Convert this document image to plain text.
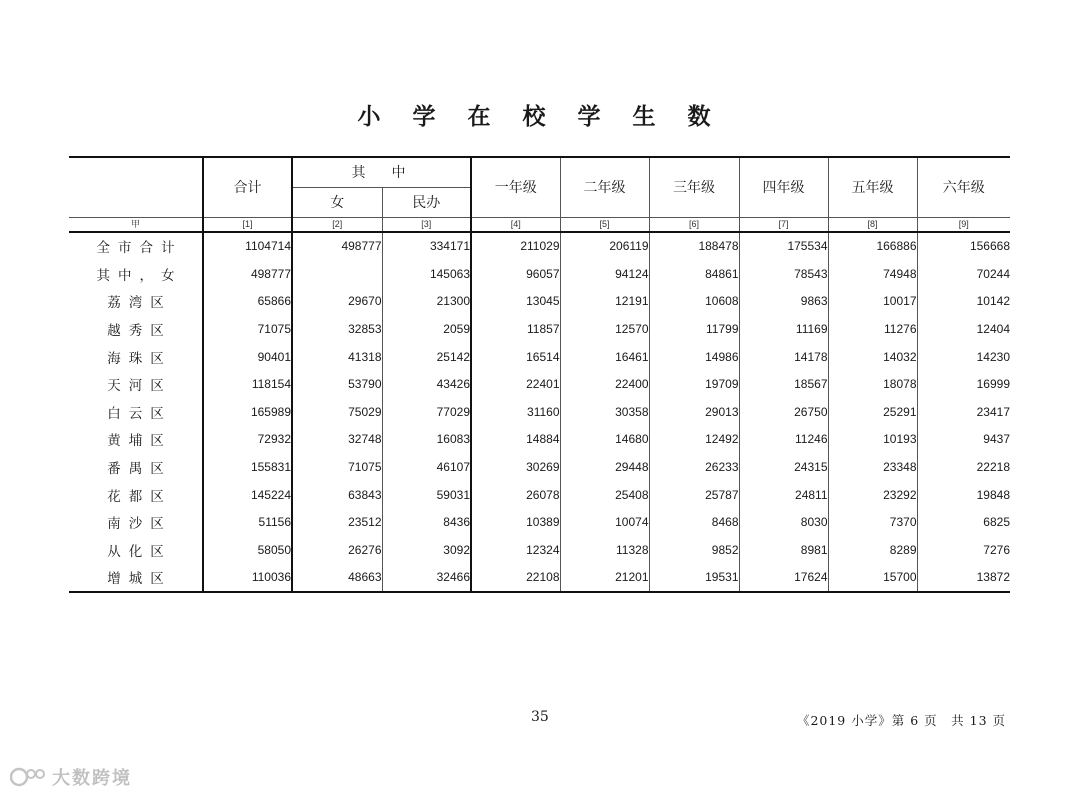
小 学 在 校 学 生 数
	合计	其　中		一年级	二年级	三年级	四年级	五年级	六年级
		女	民办						
甲	[1]	[2]	[3]	[4]	[5]	[6]	[7]	[8]	[9]
全市合计	1104714	498777	334171	211029	206119	188478	175534	166886	156668
其中，女	498777		145063	96057	94124	84861	78543	74948	70244
荔湾区	65866	29670	21300	13045	12191	10608	9863	10017	10142
越秀区	71075	32853	2059	11857	12570	11799	11169	11276	12404
海珠区	90401	41318	25142	16514	16461	14986	14178	14032	14230
天河区	118154	53790	43426	22401	22400	19709	18567	18078	16999
白云区	165989	75029	77029	31160	30358	29013	26750	25291	23417
黄埔区	72932	32748	16083	14884	14680	12492	11246	10193	9437
番禺区	155831	71075	46107	30269	29448	26233	24315	23348	22218
花都区	145224	63843	59031	26078	25408	25787	24811	23292	19848
南沙区	51156	23512	8436	10389	10074	8468	8030	7370	6825
从化区	58050	26276	3092	12324	11328	9852	8981	8289	7276
增城区	110036	48663	32466	22108	21201	19531	17624	15700	13872
35	《2019 小学》第 6 页　共 13 页
大数跨境
